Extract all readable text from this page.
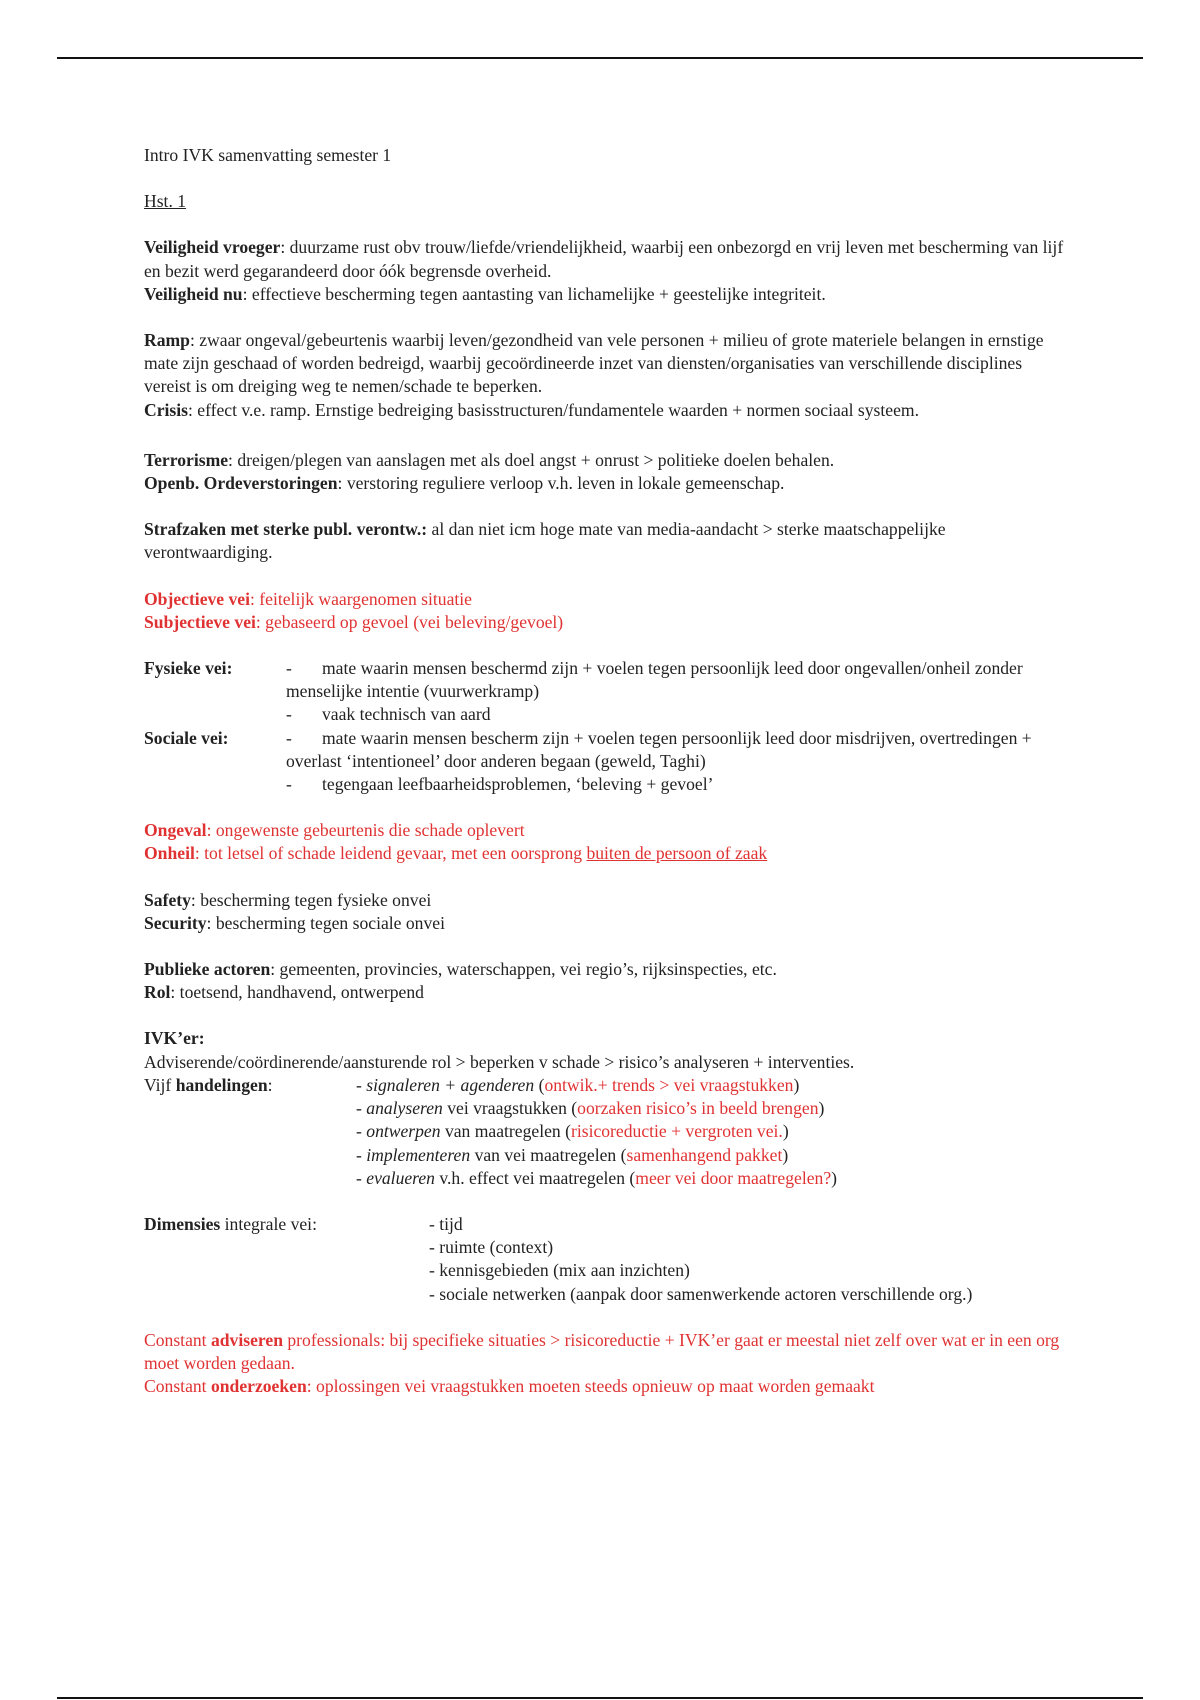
Intro IVK samenvatting semester 1

Hst. 1

Veiligheid vroeger: duurzame rust obv trouw/liefde/vriendelijkheid, waarbij een onbezorgd en vrij leven met bescherming van lijf en bezit werd gegarandeerd door óók begrensde overheid.

Veiligheid nu: effectieve bescherming tegen aantasting van lichamelijke + geestelijke integriteit.

Ramp: zwaar ongeval/gebeurtenis waarbij leven/gezondheid van vele personen + milieu of grote materiele belangen in ernstige mate zijn geschaad of worden bedreigd, waarbij gecoördineerde inzet van diensten/organisaties van verschillende disciplines vereist is om dreiging weg te nemen/schade te beperken.

Crisis: effect v.e. ramp. Ernstige bedreiging basisstructuren/fundamentele waarden + normen sociaal systeem.

Terrorisme: dreigen/plegen van aanslagen met als doel angst + onrust > politieke doelen behalen.

Openb. Ordeverstoringen: verstoring reguliere verloop v.h. leven in lokale gemeenschap.

Strafzaken met sterke publ. verontw.: al dan niet icm hoge mate van media-aandacht > sterke maatschappelijke verontwaardiging.

Objectieve vei: feitelijk waargenomen situatie

Subjectieve vei: gebaseerd op gevoel (vei beleving/gevoel)

Fysieke vei:	- mate waarin mensen beschermd zijn + voelen tegen persoonlijk leed door ongevallen/onheil zonder menselijke intentie (vuurwerkramp)

- vaak technisch van aard

Sociale vei:	- mate waarin mensen bescherm zijn + voelen tegen persoonlijk leed door misdrijven, overtredingen + overlast ‘intentioneel’ door anderen begaan (geweld, Taghi)

- tegengaan leefbaarheidsproblemen, ‘beleving + gevoel’

Ongeval: ongewenste gebeurtenis die schade oplevert

Onheil: tot letsel of schade leidend gevaar, met een oorsprong buiten de persoon of zaak

Safety: bescherming tegen fysieke onvei

Security: bescherming tegen sociale onvei

Publieke actoren: gemeenten, provincies, waterschappen, vei regio’s, rijksinspecties, etc.

Rol: toetsend, handhavend, ontwerpend

IVK’er:

Adviserende/coördinerende/aansturende rol > beperken v schade > risico’s analyseren + interventies.

Vijf handelingen:	- signaleren + agenderen (ontwik.+ trends > vei vraagstukken)

- analyseren vei vraagstukken (oorzaken risico’s in beeld brengen)

- ontwerpen van maatregelen (risicoreductie + vergroten vei.)

- implementeren van vei maatregelen (samenhangend pakket)

- evalueren v.h. effect vei maatregelen (meer vei door maatregelen?)

Dimensies integrale vei:	- tijd

- ruimte (context)

- kennisgebieden (mix aan inzichten)

- sociale netwerken (aanpak door samenwerkende actoren verschillende org.)

Constant adviseren professionals: bij specifieke situaties > risicoreductie + IVK’er gaat er meestal niet zelf over wat er in een org moet worden gedaan.

Constant onderzoeken: oplossingen vei vraagstukken moeten steeds opnieuw op maat worden gemaakt
